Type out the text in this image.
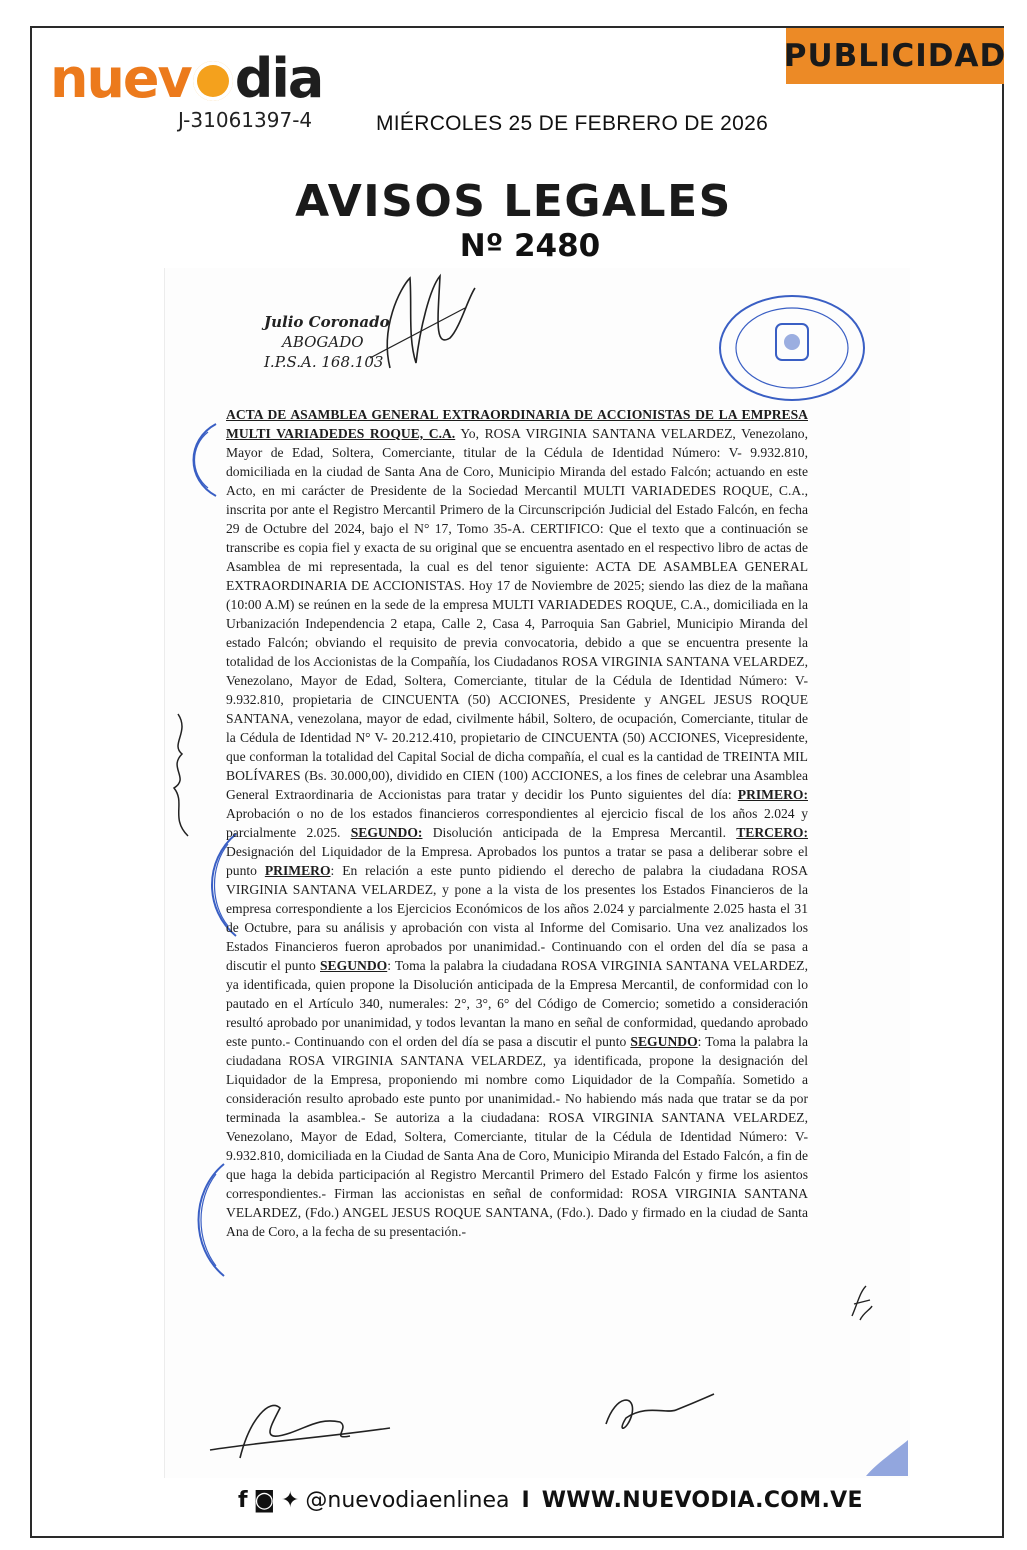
nuev dia
J-31061397-4	MIÉRCOLES 25 DE FEBRERO DE 2026
PUBLICIDAD
AVISOS LEGALES
Nº 2480
Julio Coronado
ABOGADO
I.P.S.A. 168.103
ACTA DE ASAMBLEA GENERAL EXTRAORDINARIA DE ACCIONISTAS DE LA EMPRESA MULTI VARIADEDES ROQUE, C.A. Yo, ROSA VIRGINIA SANTANA VELARDEZ, Venezolano, Mayor de Edad, Soltera, Comerciante, titular de la Cédula de Identidad Número: V- 9.932.810, domiciliada en la ciudad de Santa Ana de Coro, Municipio Miranda del estado Falcón; actuando en este Acto, en mi carácter de Presidente de la Sociedad Mercantil MULTI VARIADEDES ROQUE, C.A., inscrita por ante el Registro Mercantil Primero de la Circunscripción Judicial del Estado Falcón, en fecha 29 de Octubre del 2024, bajo el N° 17, Tomo 35-A. CERTIFICO: Que el texto que a continuación se transcribe es copia fiel y exacta de su original que se encuentra asentado en el respectivo libro de actas de Asamblea de mi representada, la cual es del tenor siguiente: ACTA DE ASAMBLEA GENERAL EXTRAORDINARIA DE ACCIONISTAS. Hoy 17 de Noviembre de 2025; siendo las diez de la mañana (10:00 A.M) se reúnen en la sede de la empresa MULTI VARIADEDES ROQUE, C.A., domiciliada en la Urbanización Independencia 2 etapa, Calle 2, Casa 4, Parroquia San Gabriel, Municipio Miranda del estado Falcón; obviando el requisito de previa convocatoria, debido a que se encuentra presente la totalidad de los Accionistas de la Compañía, los Ciudadanos ROSA VIRGINIA SANTANA VELARDEZ, Venezolano, Mayor de Edad, Soltera, Comerciante, titular de la Cédula de Identidad Número: V- 9.932.810, propietaria de CINCUENTA (50) ACCIONES, Presidente y ANGEL JESUS ROQUE SANTANA, venezolana, mayor de edad, civilmente hábil, Soltero, de ocupación, Comerciante, titular de la Cédula de Identidad N° V- 20.212.410, propietario de CINCUENTA (50) ACCIONES, Vicepresidente, que conforman la totalidad del Capital Social de dicha compañía, el cual es la cantidad de TREINTA MIL BOLÍVARES (Bs. 30.000,00), dividido en CIEN (100) ACCIONES, a los fines de celebrar una Asamblea General Extraordinaria de Accionistas para tratar y decidir los Punto siguientes del día: PRIMERO: Aprobación o no de los estados financieros correspondientes al ejercicio fiscal de los años 2.024 y parcialmente 2.025. SEGUNDO: Disolución anticipada de la Empresa Mercantil. TERCERO: Designación del Liquidador de la Empresa. Aprobados los puntos a tratar se pasa a deliberar sobre el punto PRIMERO: En relación a este punto pidiendo el derecho de palabra la ciudadana ROSA VIRGINIA SANTANA VELARDEZ, y pone a la vista de los presentes los Estados Financieros de la empresa correspondiente a los Ejercicios Económicos de los años 2.024 y parcialmente 2.025 hasta el 31 de Octubre, para su análisis y aprobación con vista al Informe del Comisario. Una vez analizados los Estados Financieros fueron aprobados por unanimidad.- Continuando con el orden del día se pasa a discutir el punto SEGUNDO: Toma la palabra la ciudadana ROSA VIRGINIA SANTANA VELARDEZ, ya identificada, quien propone la Disolución anticipada de la Empresa Mercantil, de conformidad con lo pautado en el Artículo 340, numerales: 2°, 3°, 6° del Código de Comercio; sometido a consideración resultó aprobado por unanimidad, y todos levantan la mano en señal de conformidad, quedando aprobado este punto.- Continuando con el orden del día se pasa a discutir el punto SEGUNDO: Toma la palabra la ciudadana ROSA VIRGINIA SANTANA VELARDEZ, ya identificada, propone la designación del Liquidador de la Empresa, proponiendo mi nombre como Liquidador de la Compañía. Sometido a consideración resulto aprobado este punto por unanimidad.- No habiendo más nada que tratar se da por terminada la asamblea.- Se autoriza a la ciudadana: ROSA VIRGINIA SANTANA VELARDEZ, Venezolano, Mayor de Edad, Soltera, Comerciante, titular de la Cédula de Identidad Número: V- 9.932.810, domiciliada en la Ciudad de Santa Ana de Coro, Municipio Miranda del Estado Falcón, a fin de que haga la debida participación al Registro Mercantil Primero del Estado Falcón y firme los asientos correspondientes.- Firman las accionistas en señal de conformidad: ROSA VIRGINIA SANTANA VELARDEZ, (Fdo.) ANGEL JESUS ROQUE SANTANA, (Fdo.). Dado y firmado en la ciudad de Santa Ana de Coro, a la fecha de su presentación.-
f ◙ ✦ @nuevodiaenlinea I WWW.NUEVODIA.COM.VE
